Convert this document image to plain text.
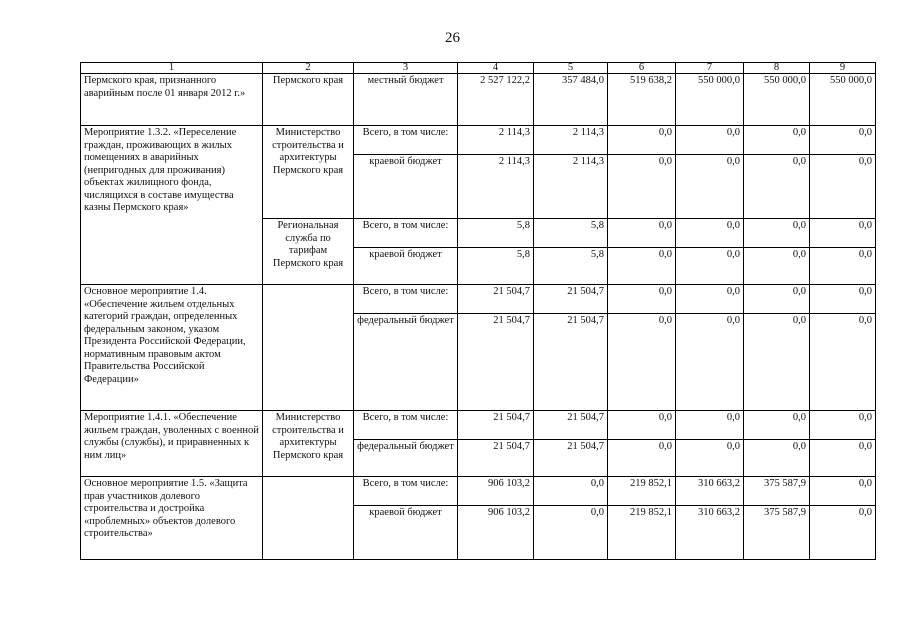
26
1	2	3	4	5	6	7	8	9
Пермского края, признанного аварийным после 01 января 2012 г.»	Пермского края	местный бюджет	2 527 122,2	357 484,0	519 638,2	550 000,0	550 000,0	550 000,0
Мероприятие 1.3.2. «Переселение граждан, проживающих в жилых помещениях в аварийных (непригодных для проживания) объектах жилищного фонда, числящихся в составе имущества казны Пермского края»	Министерство строительства и архитектуры Пермского края	Всего, в том числе:	2 114,3	2 114,3	0,0	0,0	0,0	0,0
		краевой бюджет	2 114,3	2 114,3	0,0	0,0	0,0	0,0
	Региональная служба по тарифам Пермского края	Всего, в том числе:	5,8	5,8	0,0	0,0	0,0	0,0
		краевой бюджет	5,8	5,8	0,0	0,0	0,0	0,0
Основное мероприятие 1.4. «Обеспечение жильем отдельных категорий граждан, определенных федеральным законом, указом Президента Российской Федерации, нормативным правовым актом Правительства Российской Федерации»		Всего, в том числе:	21 504,7	21 504,7	0,0	0,0	0,0	0,0
		федеральный бюджет	21 504,7	21 504,7	0,0	0,0	0,0	0,0
Мероприятие 1.4.1. «Обеспечение жильем граждан, уволенных с военной службы (службы), и приравненных к ним лиц»	Министерство строительства и архитектуры Пермского края	Всего, в том числе:	21 504,7	21 504,7	0,0	0,0	0,0	0,0
		федеральный бюджет	21 504,7	21 504,7	0,0	0,0	0,0	0,0
Основное мероприятие 1.5. «Защита прав участников долевого строительства и достройка «проблемных» объектов долевого строительства»		Всего, в том числе:	906 103,2	0,0	219 852,1	310 663,2	375 587,9	0,0
		краевой бюджет	906 103,2	0,0	219 852,1	310 663,2	375 587,9	0,0
